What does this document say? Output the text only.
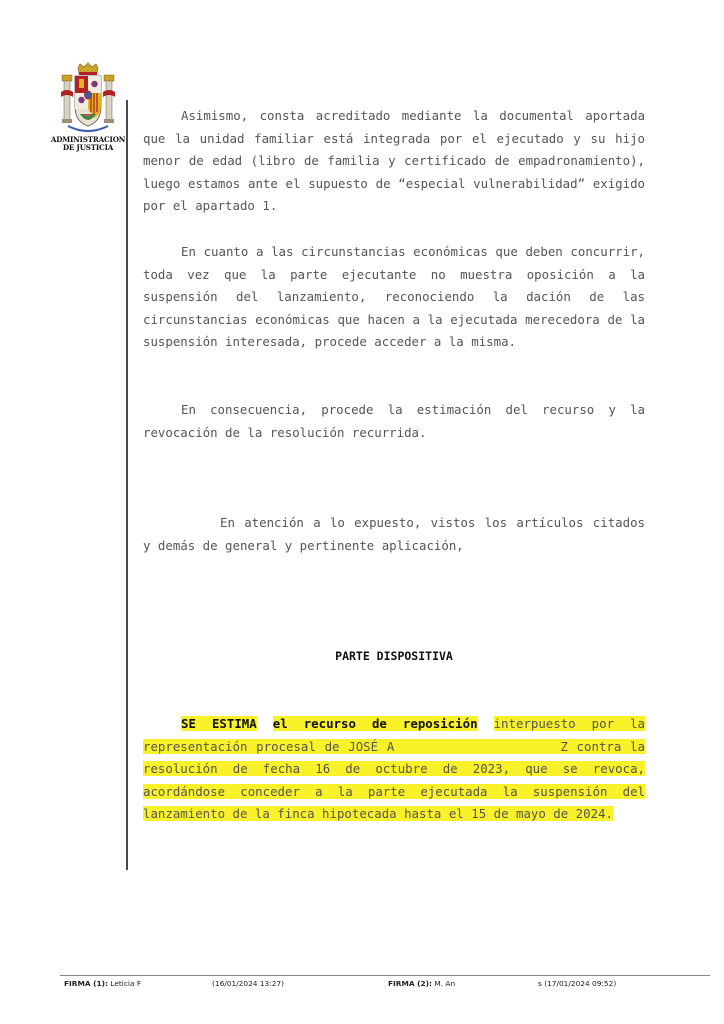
ADMINISTRACION
DE JUSTICIA
Asimismo, consta acreditado mediante la documental aportada que la unidad familiar está integrada por el ejecutado y su hijo menor de edad (libro de familia y certificado de empadronamiento), luego estamos ante el supuesto de “especial vulnerabilidad” exigido por el apartado 1.
En cuanto a las circunstancias económicas que deben concurrir, toda vez que la parte ejecutante no muestra oposición a la suspensión del lanzamiento, reconociendo la dación de las circunstancias económicas que hacen a la ejecutada merecedora de la suspensión interesada, procede acceder a la misma.
En consecuencia, procede la estimación del recurso y la revocación de la resolución recurrida.
En atención a lo expuesto, vistos los artículos citados y demás de general y pertinente aplicación,
PARTE DISPOSITIVA
SE ESTIMA el recurso de reposición interpuesto por la representación procesal de JOSÉ A	Z contra la resolución de fecha 16 de octubre de 2023, que se revoca, acordándose conceder a la parte ejecutada la suspensión del lanzamiento de la finca hipotecada hasta el 15 de mayo de 2024.
FIRMA (1): Leticia F	(16/01/2024 13:27)	FIRMA (2): M. An	s (17/01/2024 09:52)
